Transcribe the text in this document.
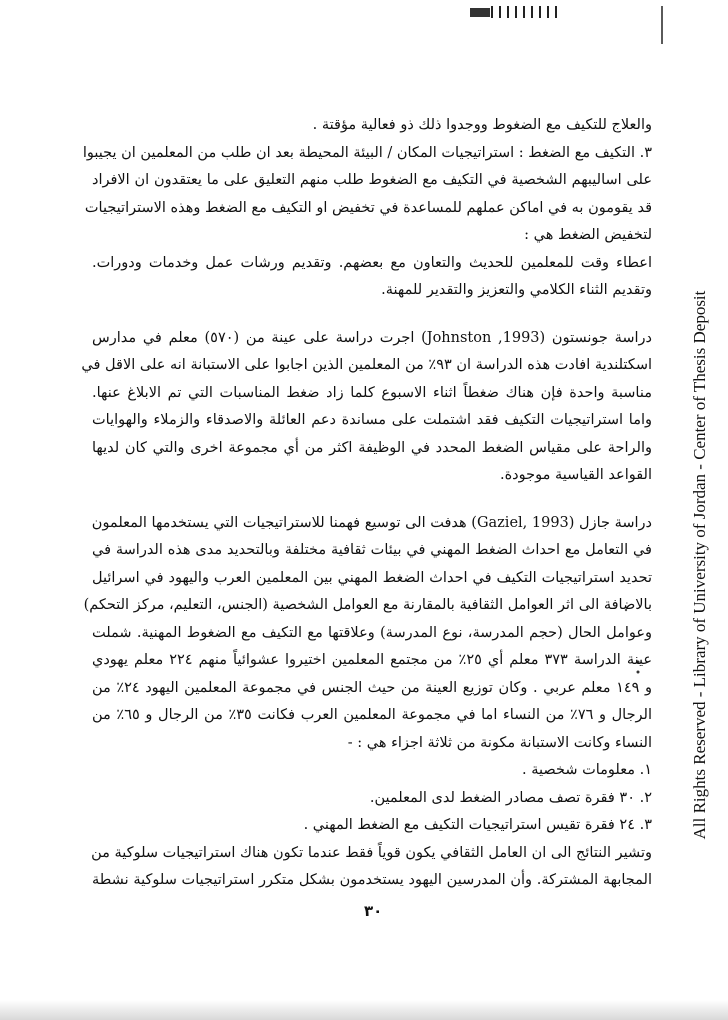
All Rights Reserved - Library of University of Jordan - Center of Thesis Deposit
والعلاج للتكيف مع الضغوط ووجدوا ذلك ذو فعالية مؤقتة .
٣. التكيف مع الضغط : استراتيجيات المكان / البيئة المحيطة بعد ان طلب من المعلمين ان يجيبوا
على اساليبهم الشخصية في التكيف مع الضغوط طلب منهم التعليق على ما يعتقدون ان الافراد
قد يقومون به في اماكن عملهم للمساعدة في تخفيض او التكيف مع الضغط وهذه الاستراتيجيات
لتخفيض الضغط هي :
اعطاء وقت للمعلمين للحديث والتعاون مع بعضهم. وتقديم ورشات عمل وخدمات ودورات.
وتقديم الثناء الكلامي والتعزيز والتقدير للمهنة.
دراسة جونستون (Johnston ,1993) اجرت دراسة على عينة من (٥٧٠) معلم في مدارس
اسكتلندية افادت هذه الدراسة ان ٩٣٪ من المعلمين الذين اجابوا على الاستبانة انه على الاقل في
مناسبة واحدة فإن هناك ضغطاً اثناء الاسبوع كلما زاد ضغط المناسبات التي تم الابلاغ عنها.
واما استراتيجيات التكيف فقد اشتملت على مساندة دعم العائلة والاصدقاء والزملاء والهوايات
والراحة على مقياس الضغط المحدد في الوظيفة اكثر من أي مجموعة اخرى والتي كان لديها
القواعد القياسية موجودة.
دراسة جازل (Gaziel, 1993) هدفت الى توسيع فهمنا للاستراتيجيات التي يستخدمها المعلمون
في التعامل مع احداث الضغط المهني في بيئات ثقافية مختلفة وبالتحديد مدى هذه الدراسة في
تحديد استراتيجيات التكيف في احداث الضغط المهني بين المعلمين العرب والیهود في اسرائيل
بالاضافة الى اثر العوامل الثقافية بالمقارنة مع العوامل الشخصية (الجنس، التعليم، مركز التحكم)
وعوامل الحال (حجم المدرسة، نوع المدرسة) وعلاقتها مع التكيف مع الضغوط المهنية. شملت
عينة الدراسة ٣٧٣ معلم أي ٢٥٪ من مجتمع المعلمين اختيروا عشوائياً منهم ٢٢٤ معلم يهودي
و ١٤٩ معلم عربي . وكان توزيع العينة من حيث الجنس في مجموعة المعلمين اليهود ٢٤٪ من
الرجال و ٧٦٪ من النساء اما في مجموعة المعلمين العرب فكانت ٣٥٪ من الرجال و ٦٥٪ من
النساء وكانت الاستبانة مكونة من ثلاثة اجزاء هي : -
١. معلومات شخصية .
٢. ٣٠ فقرة تصف مصادر الضغط لدى المعلمين.
٣. ٢٤ فقرة تقيس استراتيجيات التكيف مع الضغط المهني .
وتشير النتائج الى ان العامل الثقافي يكون قوياً فقط عندما تكون هناك استراتيجيات سلوكية من
المجابهة المشتركة. وأن المدرسين اليهود يستخدمون بشكل متكرر استراتيجيات سلوكية نشطة
٣٠
